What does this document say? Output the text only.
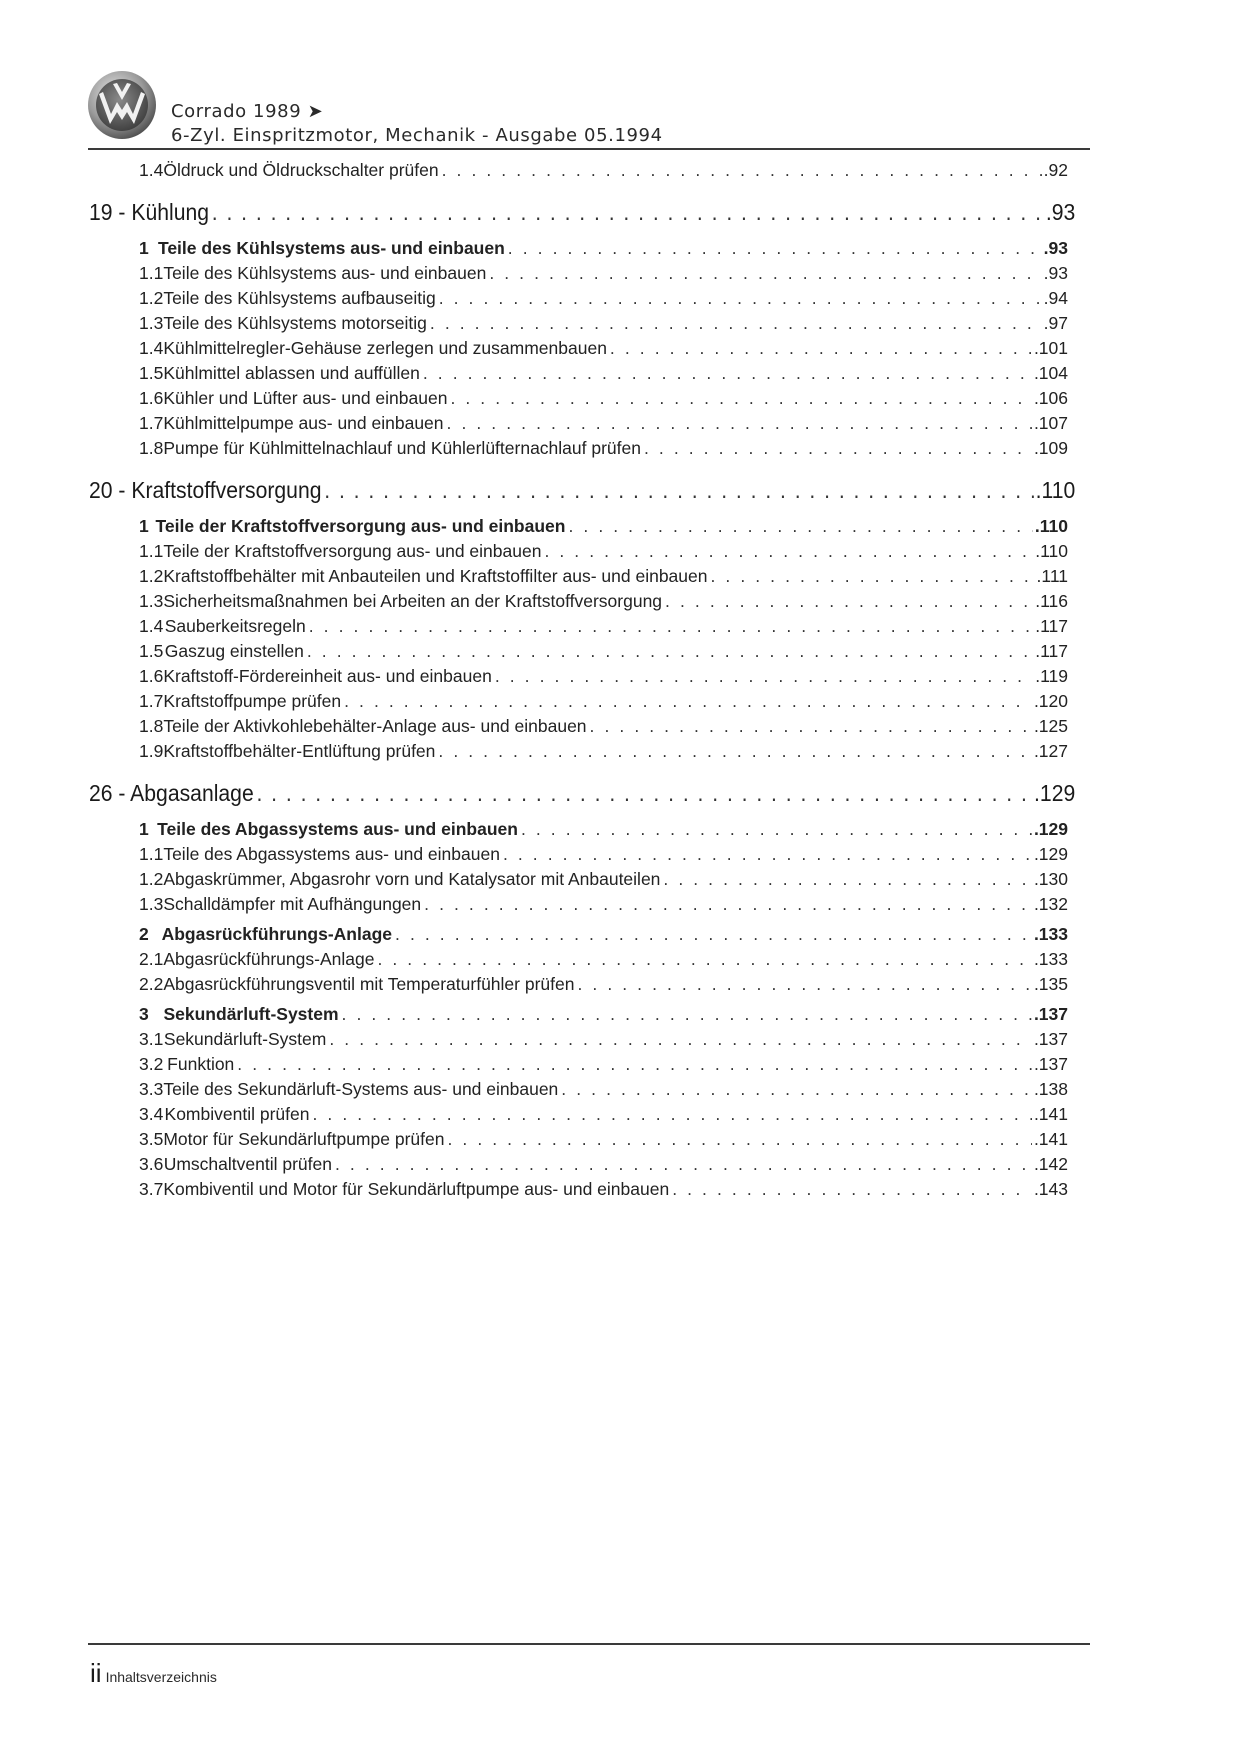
Corrado 1989 ➤
6-Zyl. Einspritzmotor, Mechanik - Ausgabe 05.1994
1.4 Öldruck und Öldruckschalter prüfen . . .	.92
19 - Kühlung . . .	.93
1 Teile des Kühlsystems aus- und einbauen . . .	.93
1.1 Teile des Kühlsystems aus- und einbauen . . .	.93
1.2 Teile des Kühlsystems aufbauseitig . . .	.94
1.3 Teile des Kühlsystems motorseitig . . .	.97
1.4 Kühlmittelregler-Gehäuse zerlegen und zusammenbauen . . .	.101
1.5 Kühlmittel ablassen und auffüllen . . .	.104
1.6 Kühler und Lüfter aus- und einbauen . . .	.106
1.7 Kühlmittelpumpe aus- und einbauen . . .	.107
1.8 Pumpe für Kühlmittelnachlauf und Kühlerlüfternachlauf prüfen . . .	.109
20 - Kraftstoffversorgung . . .	.110
1 Teile der Kraftstoffversorgung aus- und einbauen . . .	.110
1.1 Teile der Kraftstoffversorgung aus- und einbauen . . .	.110
1.2 Kraftstoffbehälter mit Anbauteilen und Kraftstoffilter aus- und einbauen . . .	.111
1.3 Sicherheitsmaßnahmen bei Arbeiten an der Kraftstoffversorgung . . .	.116
1.4 Sauberkeitsregeln . . .	.117
1.5 Gaszug einstellen . . .	.117
1.6 Kraftstoff-Fördereinheit aus- und einbauen . . .	.119
1.7 Kraftstoffpumpe prüfen . . .	.120
1.8 Teile der Aktivkohlebehälter-Anlage aus- und einbauen . . .	.125
1.9 Kraftstoffbehälter-Entlüftung prüfen . . .	.127
26 - Abgasanlage . . .	.129
1 Teile des Abgassystems aus- und einbauen . . .	.129
1.1 Teile des Abgassystems aus- und einbauen . . .	.129
1.2 Abgaskrümmer, Abgasrohr vorn und Katalysator mit Anbauteilen . . .	.130
1.3 Schalldämpfer mit Aufhängungen . . .	.132
2 Abgasrückführungs-Anlage . . .	.133
2.1 Abgasrückführungs-Anlage . . .	.133
2.2 Abgasrückführungsventil mit Temperaturfühler prüfen . . .	.135
3 Sekundärluft-System . . .	.137
3.1 Sekundärluft-System . . .	.137
3.2 Funktion . . .	.137
3.3 Teile des Sekundärluft-Systems aus- und einbauen . . .	.138
3.4 Kombiventil prüfen . . .	.141
3.5 Motor für Sekundärluftpumpe prüfen . . .	.141
3.6 Umschaltventil prüfen . . .	.142
3.7 Kombiventil und Motor für Sekundärluftpumpe aus- und einbauen . . .	.143
ii Inhaltsverzeichnis
